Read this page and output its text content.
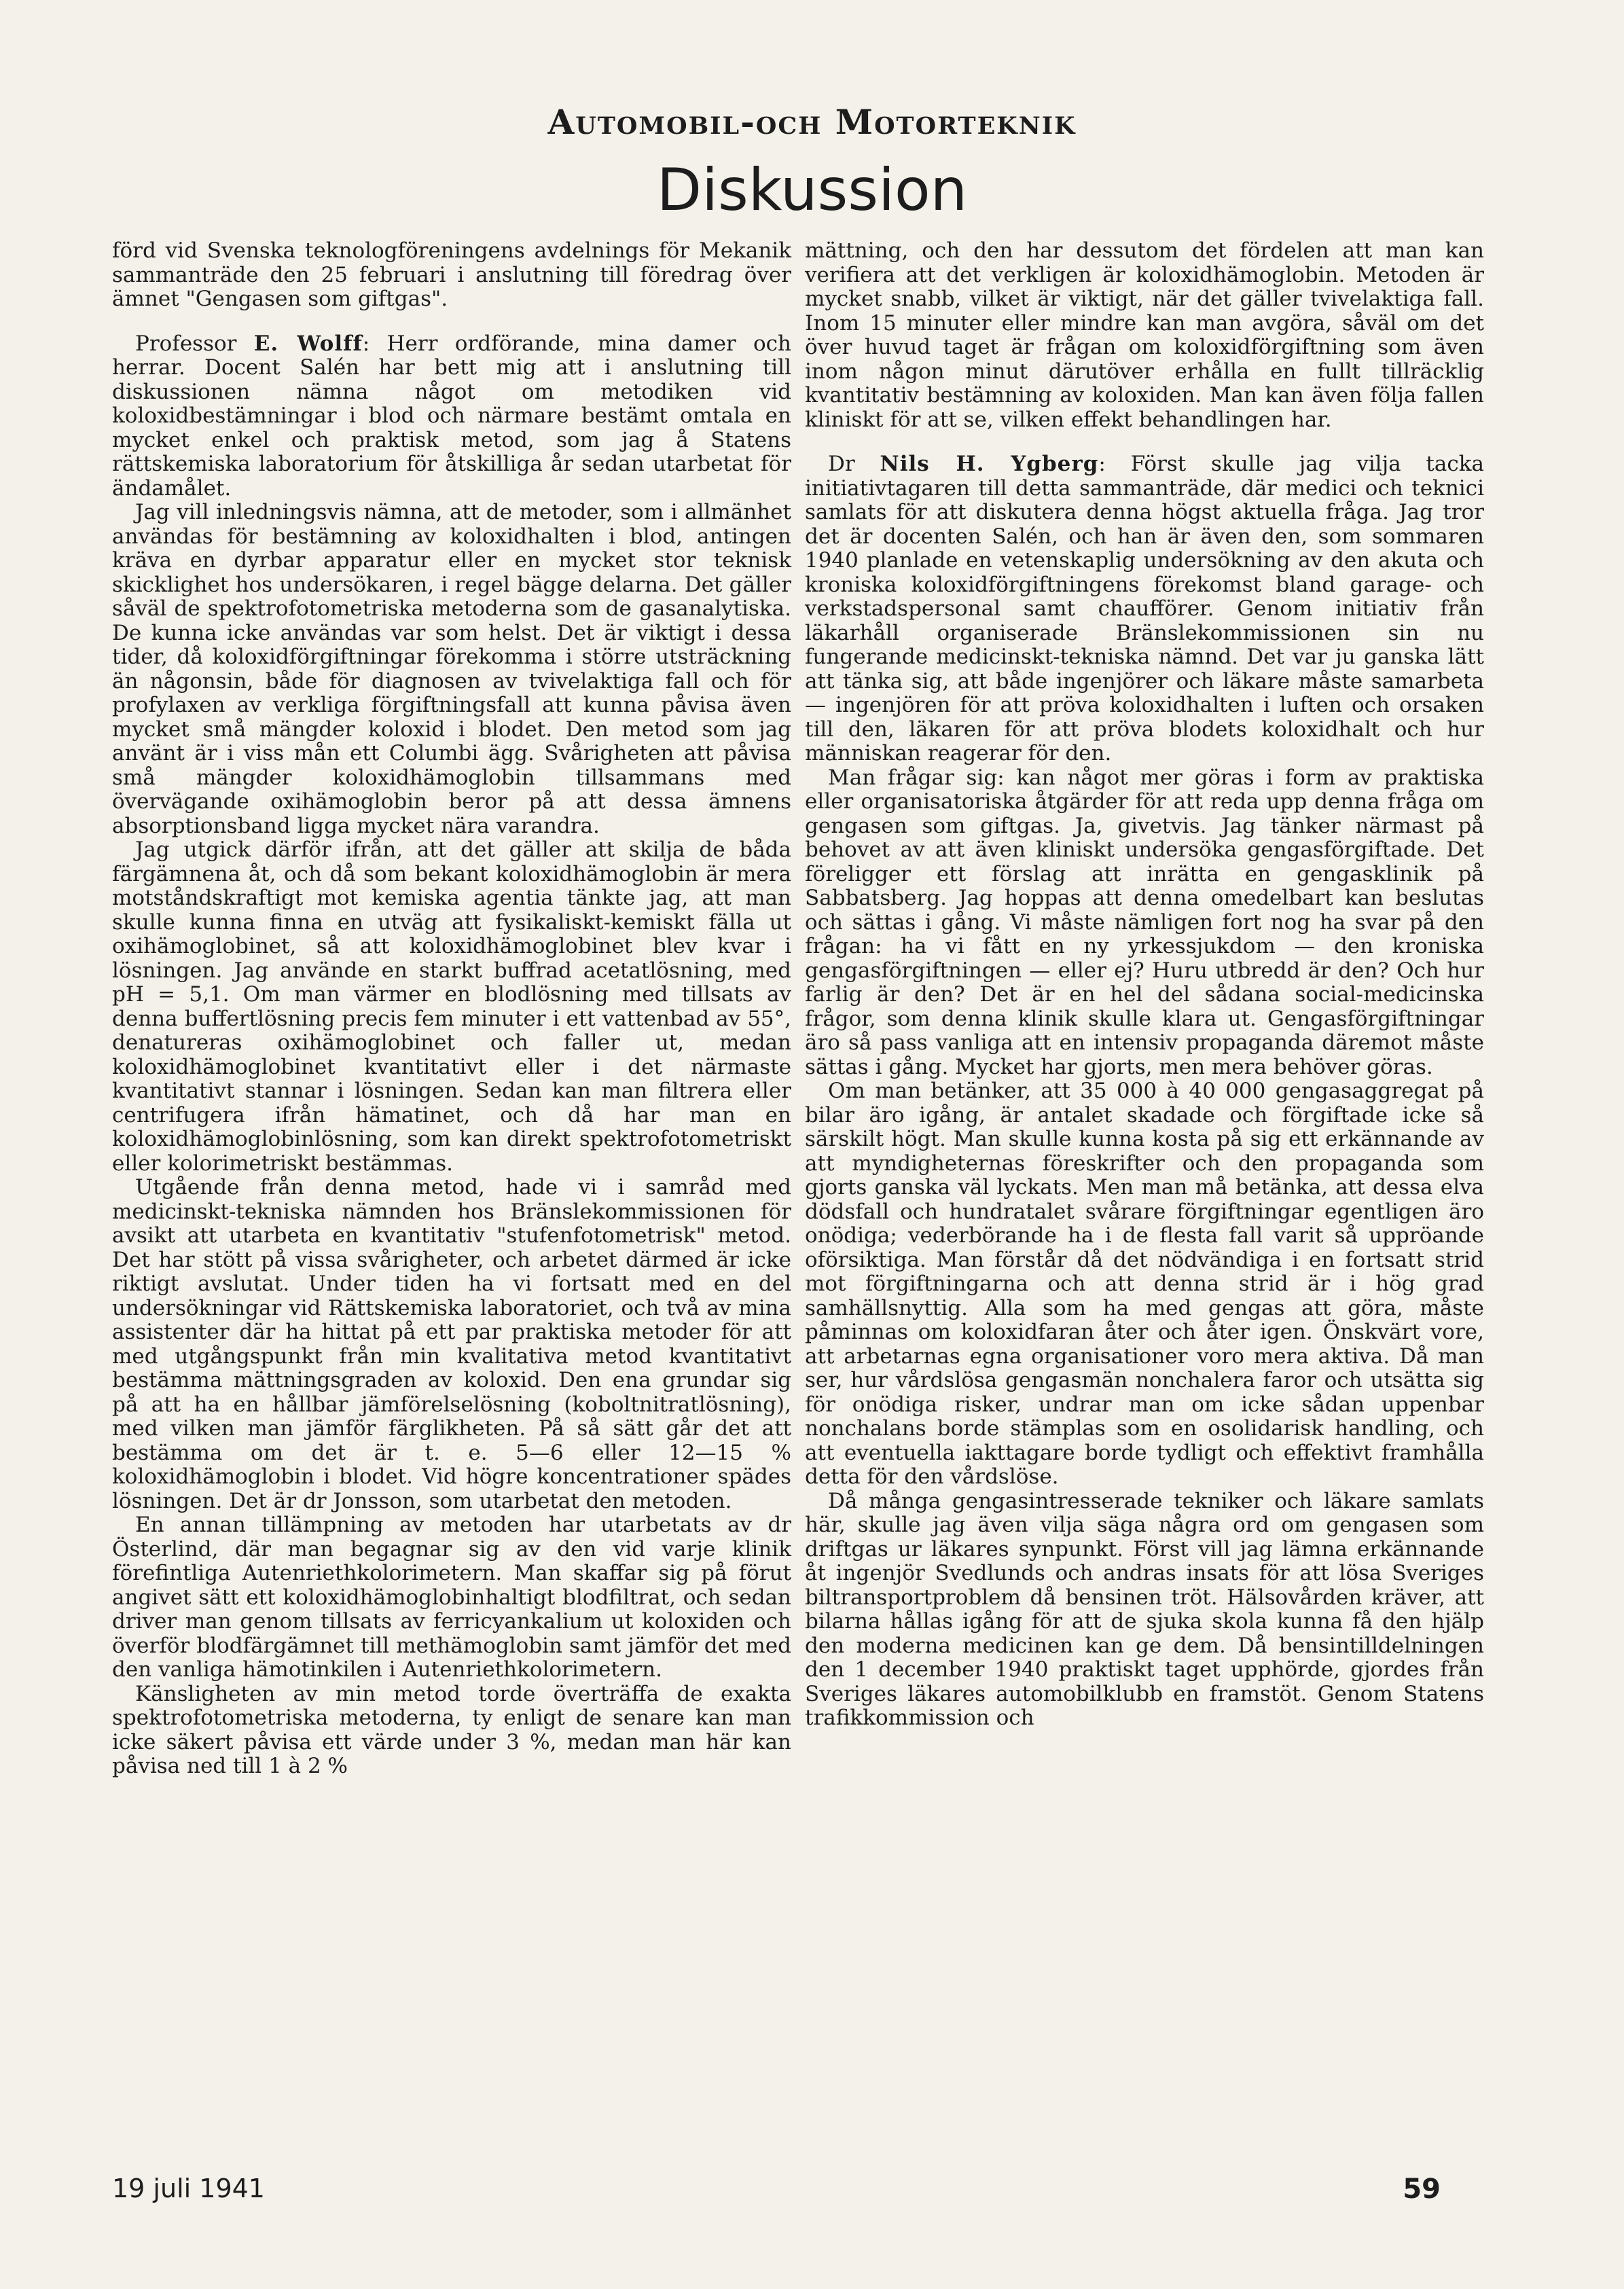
Automobil-och Motorteknik
Diskussion

förd vid Svenska teknologföreningens avdelnings för Mekanik sammanträde den 25 februari i anslutning till föredrag över ämnet "Gengasen som giftgas".

Professor E. Wolff: Herr ordförande, mina damer och herrar. Docent Salén har bett mig att i anslutning till diskussionen nämna något om metodiken vid koloxidbestämningar i blod och närmare bestämt omtala en mycket enkel och praktisk metod, som jag å Statens rättskemiska laboratorium för åtskilliga år sedan utarbetat för ändamålet.

Jag vill inledningsvis nämna, att de metoder, som i allmänhet användas för bestämning av koloxidhalten i blod, antingen kräva en dyrbar apparatur eller en mycket stor teknisk skicklighet hos undersökaren, i regel bägge delarna. Det gäller såväl de spektrofotometriska metoderna som de gasanalytiska. De kunna icke användas var som helst. Det är viktigt i dessa tider, då koloxidförgiftningar förekomma i större utsträckning än någonsin, både för diagnosen av tvivelaktiga fall och för profylaxen av verkliga förgiftningsfall att kunna påvisa även mycket små mängder koloxid i blodet. Den metod som jag använt är i viss mån ett Columbi ägg. Svårigheten att påvisa små mängder koloxidhämoglobin tillsammans med övervägande oxihämoglobin beror på att dessa ämnens absorptionsband ligga mycket nära varandra.

Jag utgick därför ifrån, att det gäller att skilja de båda färgämnena åt, och då som bekant koloxidhämoglobin är mera motståndskraftigt mot kemiska agentia tänkte jag, att man skulle kunna finna en utväg att fysikaliskt-kemiskt fälla ut oxihämoglobinet, så att koloxidhämoglobinet blev kvar i lösningen. Jag använde en starkt buffrad acetatlösning, med pH = 5,1. Om man värmer en blodlösning med tillsats av denna buffertlösning precis fem minuter i ett vattenbad av 55°, denatureras oxihämoglobinet och faller ut, medan koloxidhämoglobinet kvantitativt eller i det närmaste kvantitativt stannar i lösningen. Sedan kan man filtrera eller centrifugera ifrån hämatinet, och då har man en koloxidhämoglobinlösning, som kan direkt spektrofotometriskt eller kolorimetriskt bestämmas.

Utgående från denna metod, hade vi i samråd med medicinskt-tekniska nämnden hos Bränslekommissionen för avsikt att utarbeta en kvantitativ "stufenfotometrisk" metod. Det har stött på vissa svårigheter, och arbetet därmed är icke riktigt avslutat. Under tiden ha vi fortsatt med en del undersökningar vid Rättskemiska laboratoriet, och två av mina assistenter där ha hittat på ett par praktiska metoder för att med utgångspunkt från min kvalitativa metod kvantitativt bestämma mättningsgraden av koloxid. Den ena grundar sig på att ha en hållbar jämförelselösning (koboltnitratlösning), med vilken man jämför färglikheten. På så sätt går det att bestämma om det är t. e. 5—6 eller 12—15 % koloxidhämoglobin i blodet. Vid högre koncentrationer spädes lösningen. Det är dr Jonsson, som utarbetat den metoden.

En annan tillämpning av metoden har utarbetats av dr Österlind, där man begagnar sig av den vid varje klinik förefintliga Autenriethkolorimetern. Man skaffar sig på förut angivet sätt ett koloxidhämoglobinhaltigt blodfiltrat, och sedan driver man genom tillsats av ferricyankalium ut koloxiden och överför blodfärgämnet till methämoglobin samt jämför det med den vanliga hämotinkilen i Autenriethkolorimetern.

Känsligheten av min metod torde överträffa de exakta spektrofotometriska metoderna, ty enligt de senare kan man icke säkert påvisa ett värde under 3 %, medan man här kan påvisa ned till 1 à 2 %

mättning, och den har dessutom det fördelen att man kan verifiera att det verkligen är koloxidhämoglobin. Metoden är mycket snabb, vilket är viktigt, när det gäller tvivelaktiga fall. Inom 15 minuter eller mindre kan man avgöra, såväl om det över huvud taget är frågan om koloxidförgiftning som även inom någon minut därutöver erhålla en fullt tillräcklig kvantitativ bestämning av koloxiden. Man kan även följa fallen kliniskt för att se, vilken effekt behandlingen har.

Dr Nils H. Ygberg: Först skulle jag vilja tacka initiativtagaren till detta sammanträde, där medici och teknici samlats för att diskutera denna högst aktuella fråga. Jag tror det är docenten Salén, och han är även den, som sommaren 1940 planlade en vetenskaplig undersökning av den akuta och kroniska koloxidförgiftningens förekomst bland garage- och verkstadspersonal samt chaufförer. Genom initiativ från läkarhåll organiserade Bränslekommissionen sin nu fungerande medicinskt-tekniska nämnd. Det var ju ganska lätt att tänka sig, att både ingenjörer och läkare måste samarbeta — ingenjören för att pröva koloxidhalten i luften och orsaken till den, läkaren för att pröva blodets koloxidhalt och hur människan reagerar för den.

Man frågar sig: kan något mer göras i form av praktiska eller organisatoriska åtgärder för att reda upp denna fråga om gengasen som giftgas. Ja, givetvis. Jag tänker närmast på behovet av att även kliniskt undersöka gengasförgiftade. Det föreligger ett förslag att inrätta en gengasklinik på Sabbatsberg. Jag hoppas att denna omedelbart kan beslutas och sättas i gång. Vi måste nämligen fort nog ha svar på den frågan: ha vi fått en ny yrkessjukdom — den kroniska gengasförgiftningen — eller ej? Huru utbredd är den? Och hur farlig är den? Det är en hel del sådana social-medicinska frågor, som denna klinik skulle klara ut. Gengasförgiftningar äro så pass vanliga att en intensiv propaganda däremot måste sättas i gång. Mycket har gjorts, men mera behöver göras.

Om man betänker, att 35 000 à 40 000 gengasaggregat på bilar äro igång, är antalet skadade och förgiftade icke så särskilt högt. Man skulle kunna kosta på sig ett erkännande av att myndigheternas föreskrifter och den propaganda som gjorts ganska väl lyckats. Men man må betänka, att dessa elva dödsfall och hundratalet svårare förgiftningar egentligen äro onödiga; vederbörande ha i de flesta fall varit så uppröande oförsiktiga. Man förstår då det nödvändiga i en fortsatt strid mot förgiftningarna och att denna strid är i hög grad samhällsnyttig. Alla som ha med gengas att göra, måste påminnas om koloxidfaran åter och åter igen. Önskvärt vore, att arbetarnas egna organisationer voro mera aktiva. Då man ser, hur vårdslösa gengasmän nonchalera faror och utsätta sig för onödiga risker, undrar man om icke sådan uppenbar nonchalans borde stämplas som en osolidarisk handling, och att eventuella iakttagare borde tydligt och effektivt framhålla detta för den vårdslöse.

Då många gengasintresserade tekniker och läkare samlats här, skulle jag även vilja säga några ord om gengasen som driftgas ur läkares synpunkt. Först vill jag lämna erkännande åt ingenjör Svedlunds och andras insats för att lösa Sveriges biltransportproblem då bensinen tröt. Hälsovården kräver, att bilarna hållas igång för att de sjuka skola kunna få den hjälp den moderna medicinen kan ge dem. Då bensintilldelningen den 1 december 1940 praktiskt taget upphörde, gjordes från Sveriges läkares automobilklubb en framstöt. Genom Statens trafikkommission och

19 juli 1941	59
